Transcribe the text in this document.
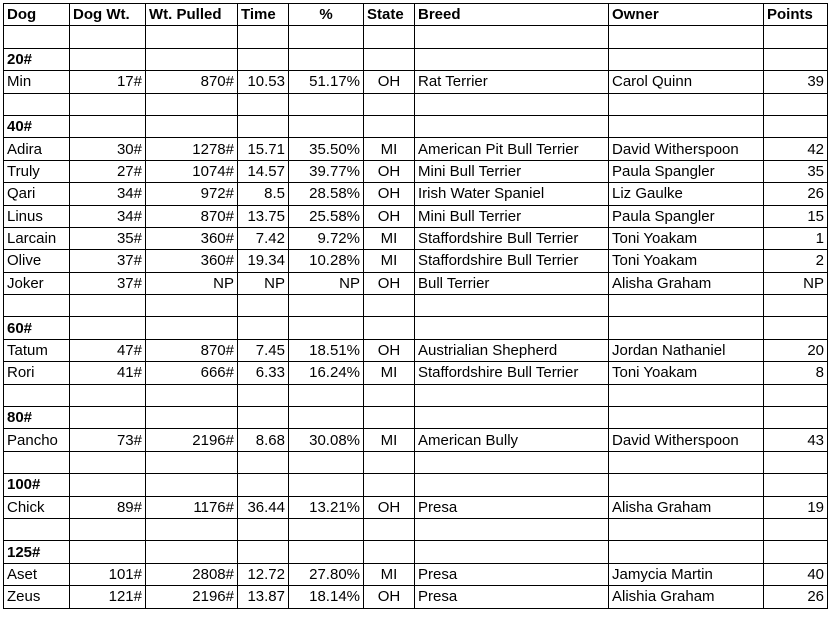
Dog	Dog Wt.	Wt. Pulled	Time	%	State	Breed	Owner	Points

20#								
Min	17#	870#	10.53	51.17%	OH	Rat Terrier	Carol Quinn	39

40#								
Adira	30#	1278#	15.71	35.50%	MI	American Pit Bull Terrier	David Witherspoon	42
Truly	27#	1074#	14.57	39.77%	OH	Mini Bull Terrier	Paula Spangler	35
Qari	34#	972#	8.5	28.58%	OH	Irish Water Spaniel	Liz Gaulke	26
Linus	34#	870#	13.75	25.58%	OH	Mini Bull Terrier	Paula Spangler	15
Larcain	35#	360#	7.42	9.72%	MI	Staffordshire Bull Terrier	Toni Yoakam	1
Olive	37#	360#	19.34	10.28%	MI	Staffordshire Bull Terrier	Toni Yoakam	2
Joker	37#	NP	NP	NP	OH	Bull Terrier	Alisha Graham	NP

60#								
Tatum	47#	870#	7.45	18.51%	OH	Austrialian Shepherd	Jordan Nathaniel	20
Rori	41#	666#	6.33	16.24%	MI	Staffordshire Bull Terrier	Toni Yoakam	8

80#								
Pancho	73#	2196#	8.68	30.08%	MI	American Bully	David Witherspoon	43

100#								
Chick	89#	1176#	36.44	13.21%	OH	Presa	Alisha Graham	19

125#								
Aset	101#	2808#	12.72	27.80%	MI	Presa	Jamycia Martin	40
Zeus	121#	2196#	13.87	18.14%	OH	Presa	Alishia Graham	26
